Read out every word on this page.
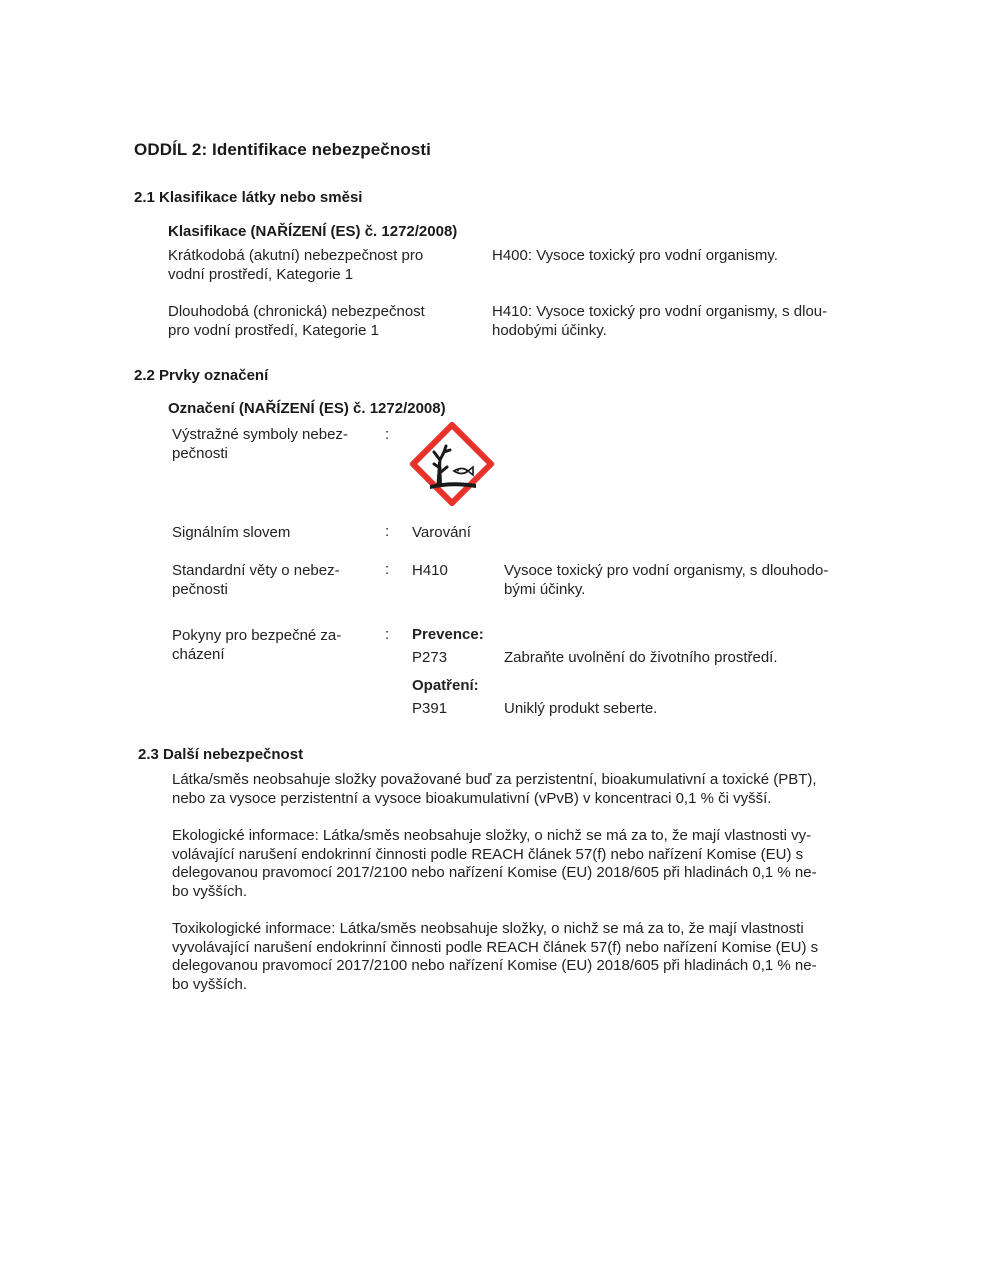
ODDÍL 2: Identifikace nebezpečnosti
2.1 Klasifikace látky nebo směsi
Klasifikace (NAŘÍZENÍ (ES) č. 1272/2008)
Krátkodobá (akutní) nebezpečnost pro
vodní prostředí, Kategorie 1
H400: Vysoce toxický pro vodní organismy.
Dlouhodobá (chronická) nebezpečnost
pro vodní prostředí, Kategorie 1
H410: Vysoce toxický pro vodní organismy, s dlou-
hodobými účinky.
2.2 Prvky označení
Označení (NAŘÍZENÍ (ES) č. 1272/2008)
Výstražné symboly nebez-
pečnosti
:
Signálním slovem	: Varování
Standardní věty o nebez-
pečnosti
: H410	Vysoce toxický pro vodní organismy, s dlouhodo-
bými účinky.
Pokyny pro bezpečné za-
cházení
: Prevence:
P273	Zabraňte uvolnění do životního prostředí.
Opatření:
P391	Uniklý produkt seberte.
2.3 Další nebezpečnost
Látka/směs neobsahuje složky považované buď za perzistentní, bioakumulativní a toxické (PBT),
nebo za vysoce perzistentní a vysoce bioakumulativní (vPvB) v koncentraci 0,1 % či vyšší.
Ekologické informace: Látka/směs neobsahuje složky, o nichž se má za to, že mají vlastnosti vy-
volávající narušení endokrinní činnosti podle REACH článek 57(f) nebo nařízení Komise (EU) s
delegovanou pravomocí 2017/2100 nebo nařízení Komise (EU) 2018/605 při hladinách 0,1 % ne-
bo vyšších.
Toxikologické informace: Látka/směs neobsahuje složky, o nichž se má za to, že mají vlastnosti
vyvolávající narušení endokrinní činnosti podle REACH článek 57(f) nebo nařízení Komise (EU) s
delegovanou pravomocí 2017/2100 nebo nařízení Komise (EU) 2018/605 při hladinách 0,1 % ne-
bo vyšších.
